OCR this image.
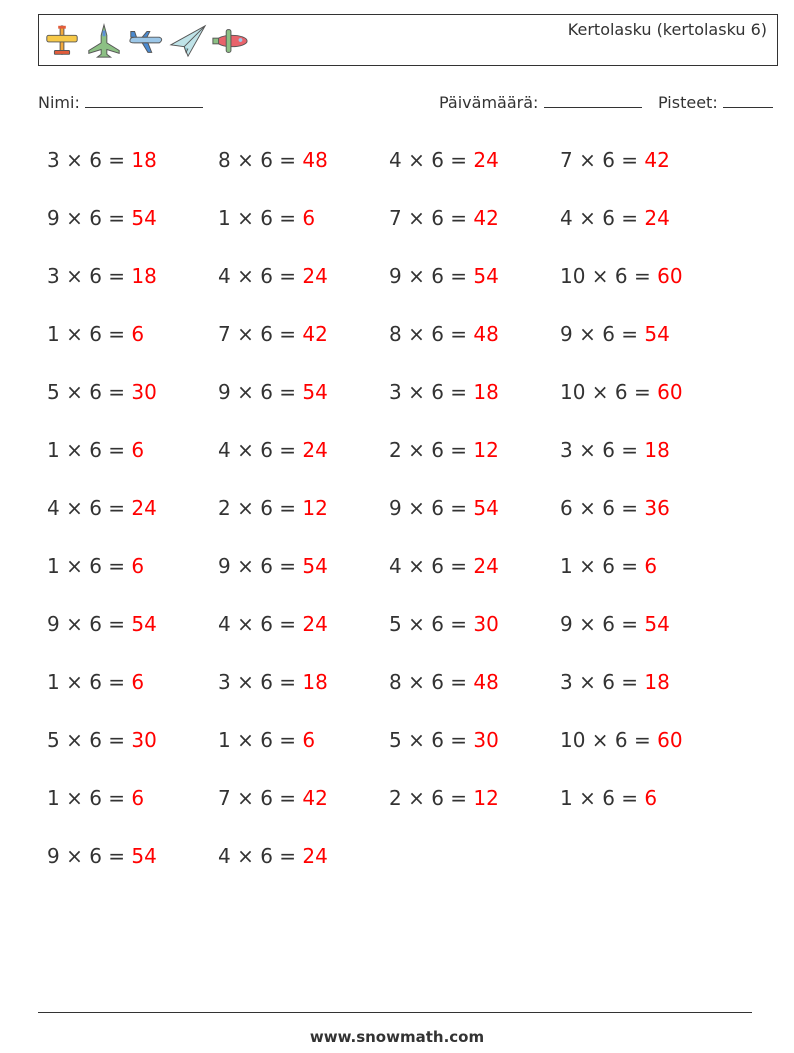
Kertolasku (kertolasku 6)
Nimi:	Päivämäärä:	Pisteet:
3 × 6 = 18	8 × 6 = 48	4 × 6 = 24	7 × 6 = 42
9 × 6 = 54	1 × 6 = 6	7 × 6 = 42	4 × 6 = 24
3 × 6 = 18	4 × 6 = 24	9 × 6 = 54	10 × 6 = 60
1 × 6 = 6	7 × 6 = 42	8 × 6 = 48	9 × 6 = 54
5 × 6 = 30	9 × 6 = 54	3 × 6 = 18	10 × 6 = 60
1 × 6 = 6	4 × 6 = 24	2 × 6 = 12	3 × 6 = 18
4 × 6 = 24	2 × 6 = 12	9 × 6 = 54	6 × 6 = 36
1 × 6 = 6	9 × 6 = 54	4 × 6 = 24	1 × 6 = 6
9 × 6 = 54	4 × 6 = 24	5 × 6 = 30	9 × 6 = 54
1 × 6 = 6	3 × 6 = 18	8 × 6 = 48	3 × 6 = 18
5 × 6 = 30	1 × 6 = 6	5 × 6 = 30	10 × 6 = 60
1 × 6 = 6	7 × 6 = 42	2 × 6 = 12	1 × 6 = 6
9 × 6 = 54	4 × 6 = 24
www.snowmath.com
